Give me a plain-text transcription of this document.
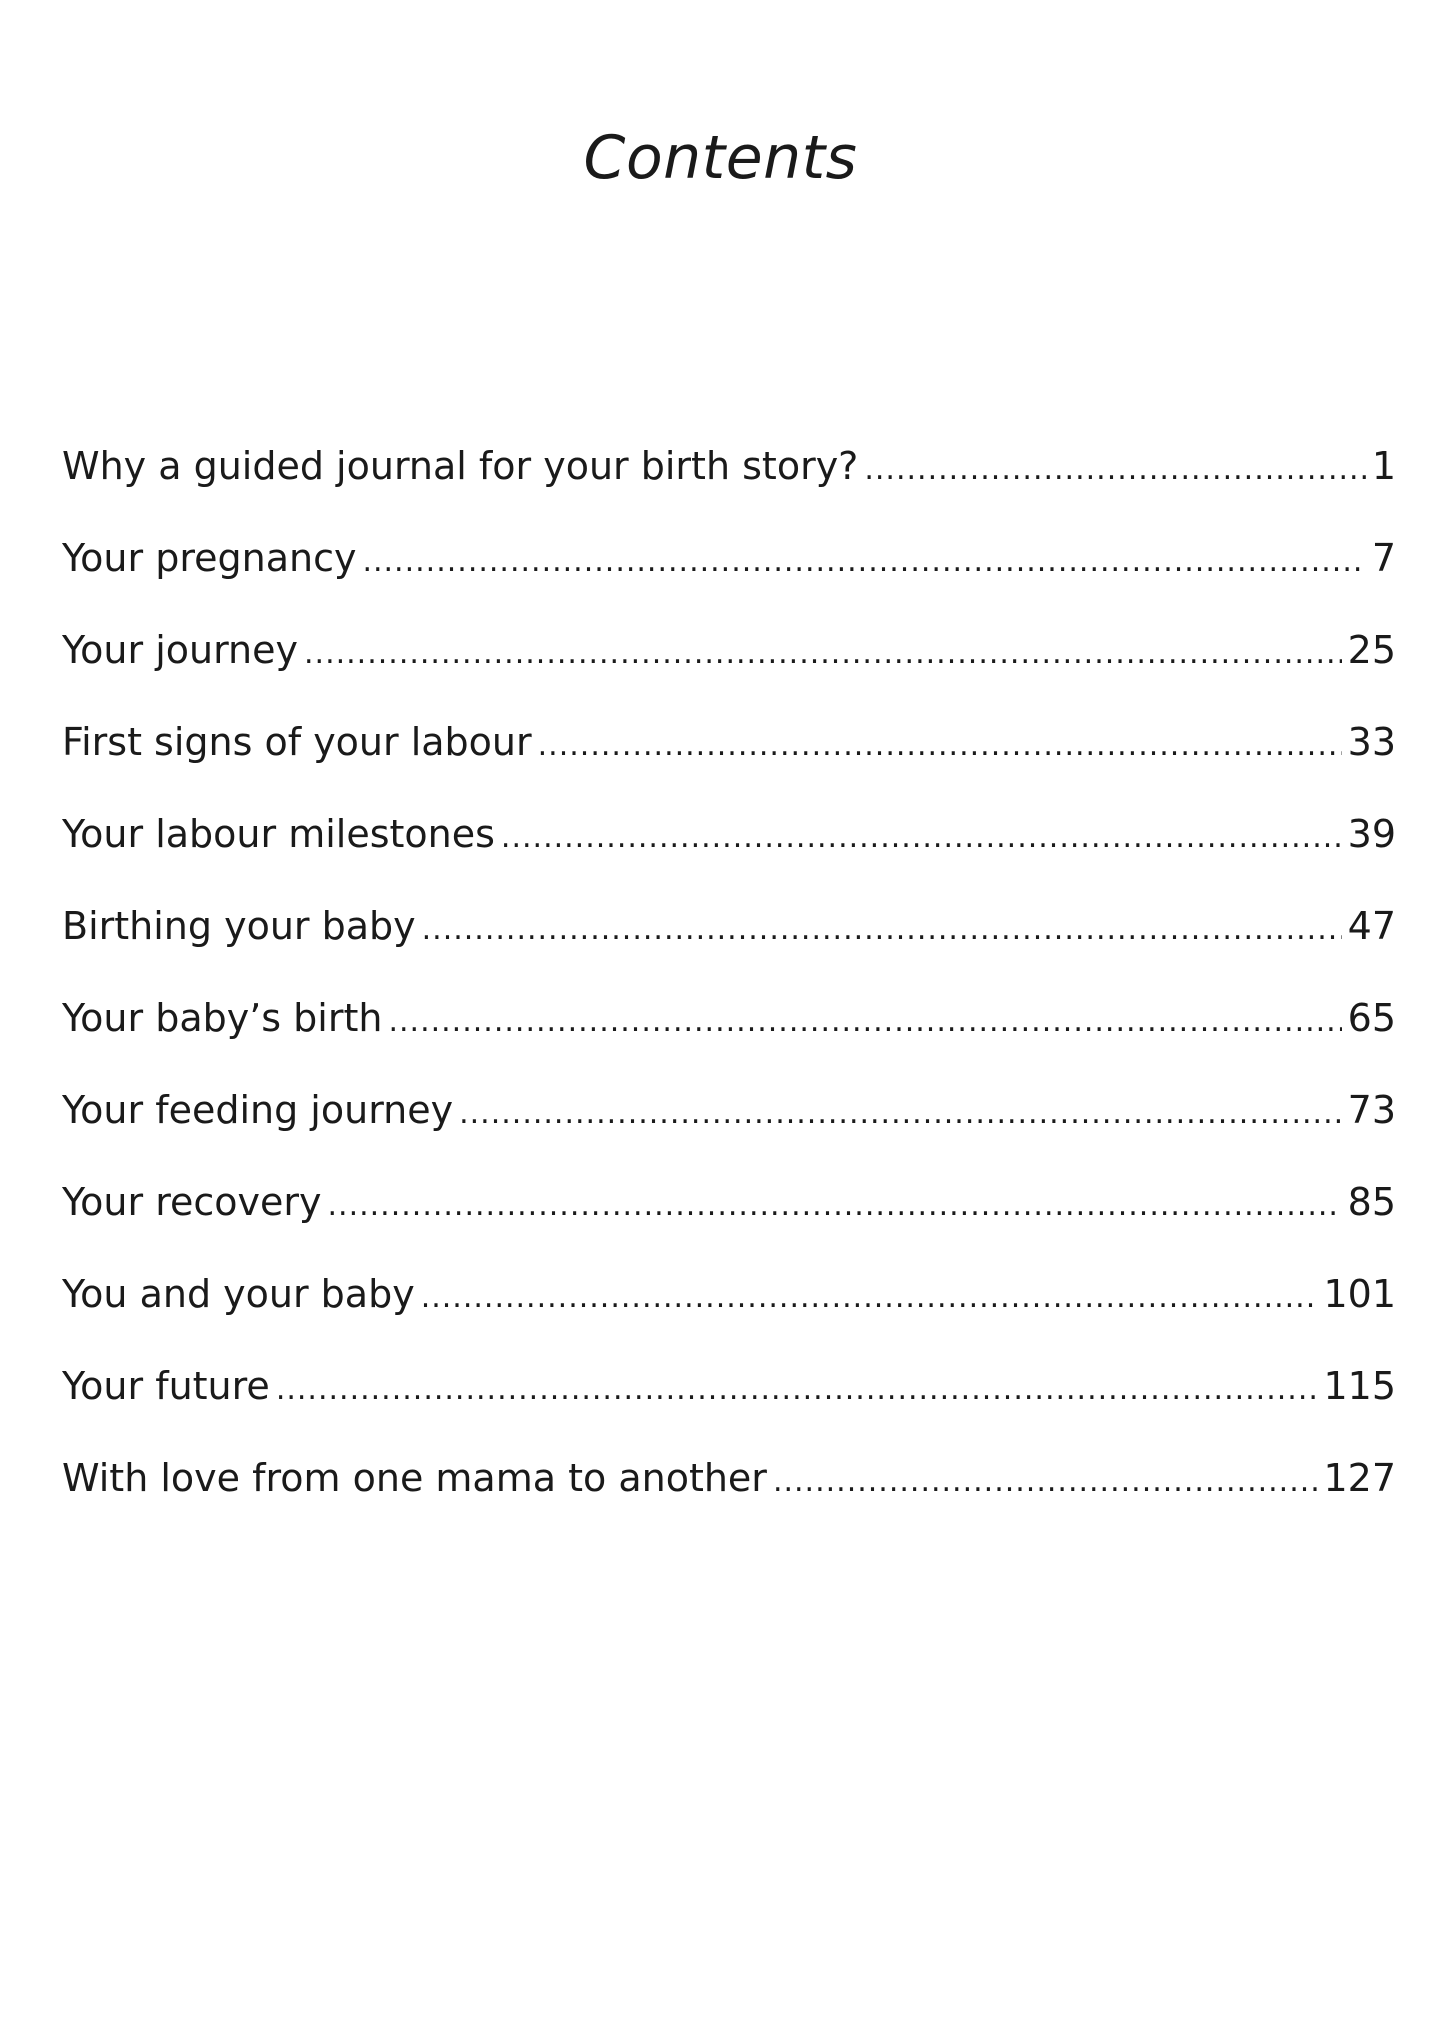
Contents
Why a guided journal for your birth story? .....	1
Your pregnancy .....	7
Your journey .....	25
First signs of your labour .....	33
Your labour milestones .....	39
Birthing your baby .....	47
Your baby’s birth .....	65
Your feeding journey .....	73
Your recovery .....	85
You and your baby .....	101
Your future .....	115
With love from one mama to another .....	127
